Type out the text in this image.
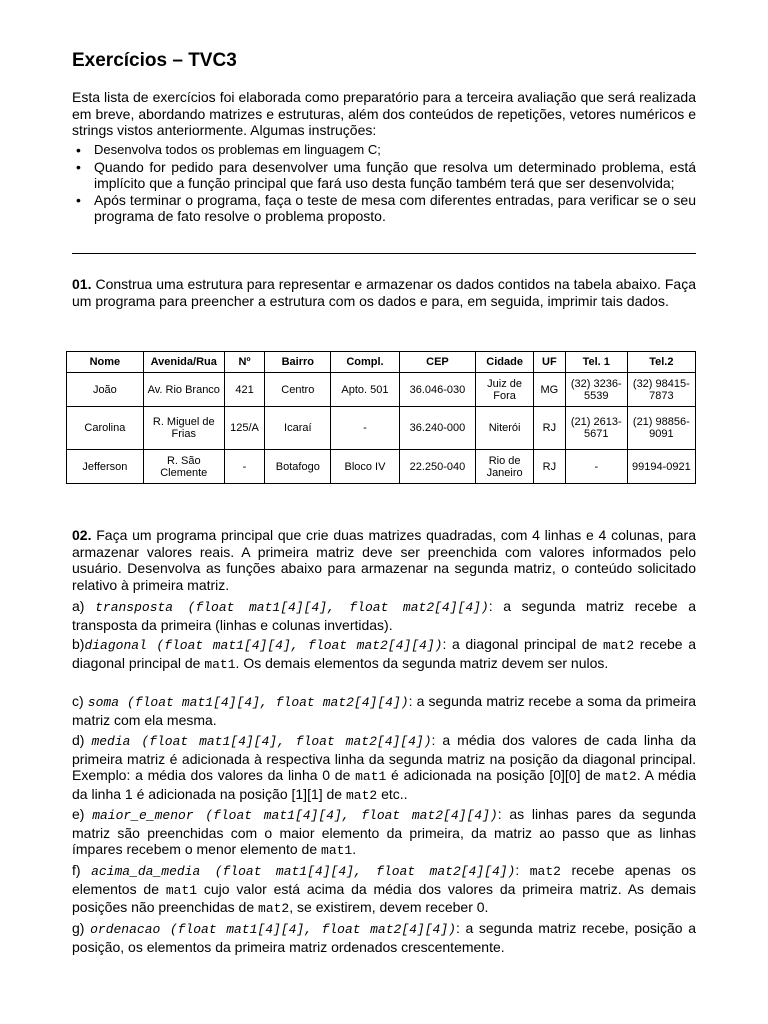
Exercícios – TVC3

Esta lista de exercícios foi elaborada como preparatório para a terceira avaliação que será realizada em breve, abordando matrizes e estruturas, além dos conteúdos de repetições, vetores numéricos e strings vistos anteriormente. Algumas instruções:

• Desenvolva todos os problemas em linguagem C;
• Quando for pedido para desenvolver uma função que resolva um determinado problema, está implícito que a função principal que fará uso desta função também terá que ser desenvolvida;
• Após terminar o programa, faça o teste de mesa com diferentes entradas, para verificar se o seu programa de fato resolve o problema proposto.

01. Construa uma estrutura para representar e armazenar os dados contidos na tabela abaixo. Faça um programa para preencher a estrutura com os dados e para, em seguida, imprimir tais dados.

Nome	Avenida/Rua	Nº	Bairro	Compl.	CEP	Cidade	UF	Tel. 1	Tel.2
João	Av. Rio Branco	421	Centro	Apto. 501	36.046-030	Juiz de Fora	MG	(32) 3236-5539	(32) 98415-7873
Carolina	R. Miguel de Frias	125/A	Icaraí	-	36.240-000	Niterói	RJ	(21) 2613-5671	(21) 98856-9091
Jefferson	R. São Clemente	-	Botafogo	Bloco IV	22.250-040	Rio de Janeiro	RJ	-	99194-0921

02. Faça um programa principal que crie duas matrizes quadradas, com 4 linhas e 4 colunas, para armazenar valores reais. A primeira matriz deve ser preenchida com valores informados pelo usuário. Desenvolva as funções abaixo para armazenar na segunda matriz, o conteúdo solicitado relativo à primeira matriz.

a) transposta (float mat1[4][4], float mat2[4][4]): a segunda matriz recebe a transposta da primeira (linhas e colunas invertidas).

b)diagonal (float mat1[4][4], float mat2[4][4]): a diagonal principal de mat2 recebe a diagonal principal de mat1. Os demais elementos da segunda matriz devem ser nulos.

c) soma (float mat1[4][4], float mat2[4][4]): a segunda matriz recebe a soma da primeira matriz com ela mesma.

d) media (float mat1[4][4], float mat2[4][4]): a média dos valores de cada linha da primeira matriz é adicionada à respectiva linha da segunda matriz na posição da diagonal principal. Exemplo: a média dos valores da linha 0 de mat1 é adicionada na posição [0][0] de mat2. A média da linha 1 é adicionada na posição [1][1] de mat2 etc..

e) maior_e_menor (float mat1[4][4], float mat2[4][4]): as linhas pares da segunda matriz são preenchidas com o maior elemento da primeira, da matriz ao passo que as linhas ímpares recebem o menor elemento de mat1.

f) acima_da_media (float mat1[4][4], float mat2[4][4]): mat2 recebe apenas os elementos de mat1 cujo valor está acima da média dos valores da primeira matriz. As demais posições não preenchidas de mat2, se existirem, devem receber 0.

g) ordenacao (float mat1[4][4], float mat2[4][4]): a segunda matriz recebe, posição a posição, os elementos da primeira matriz ordenados crescentemente.
